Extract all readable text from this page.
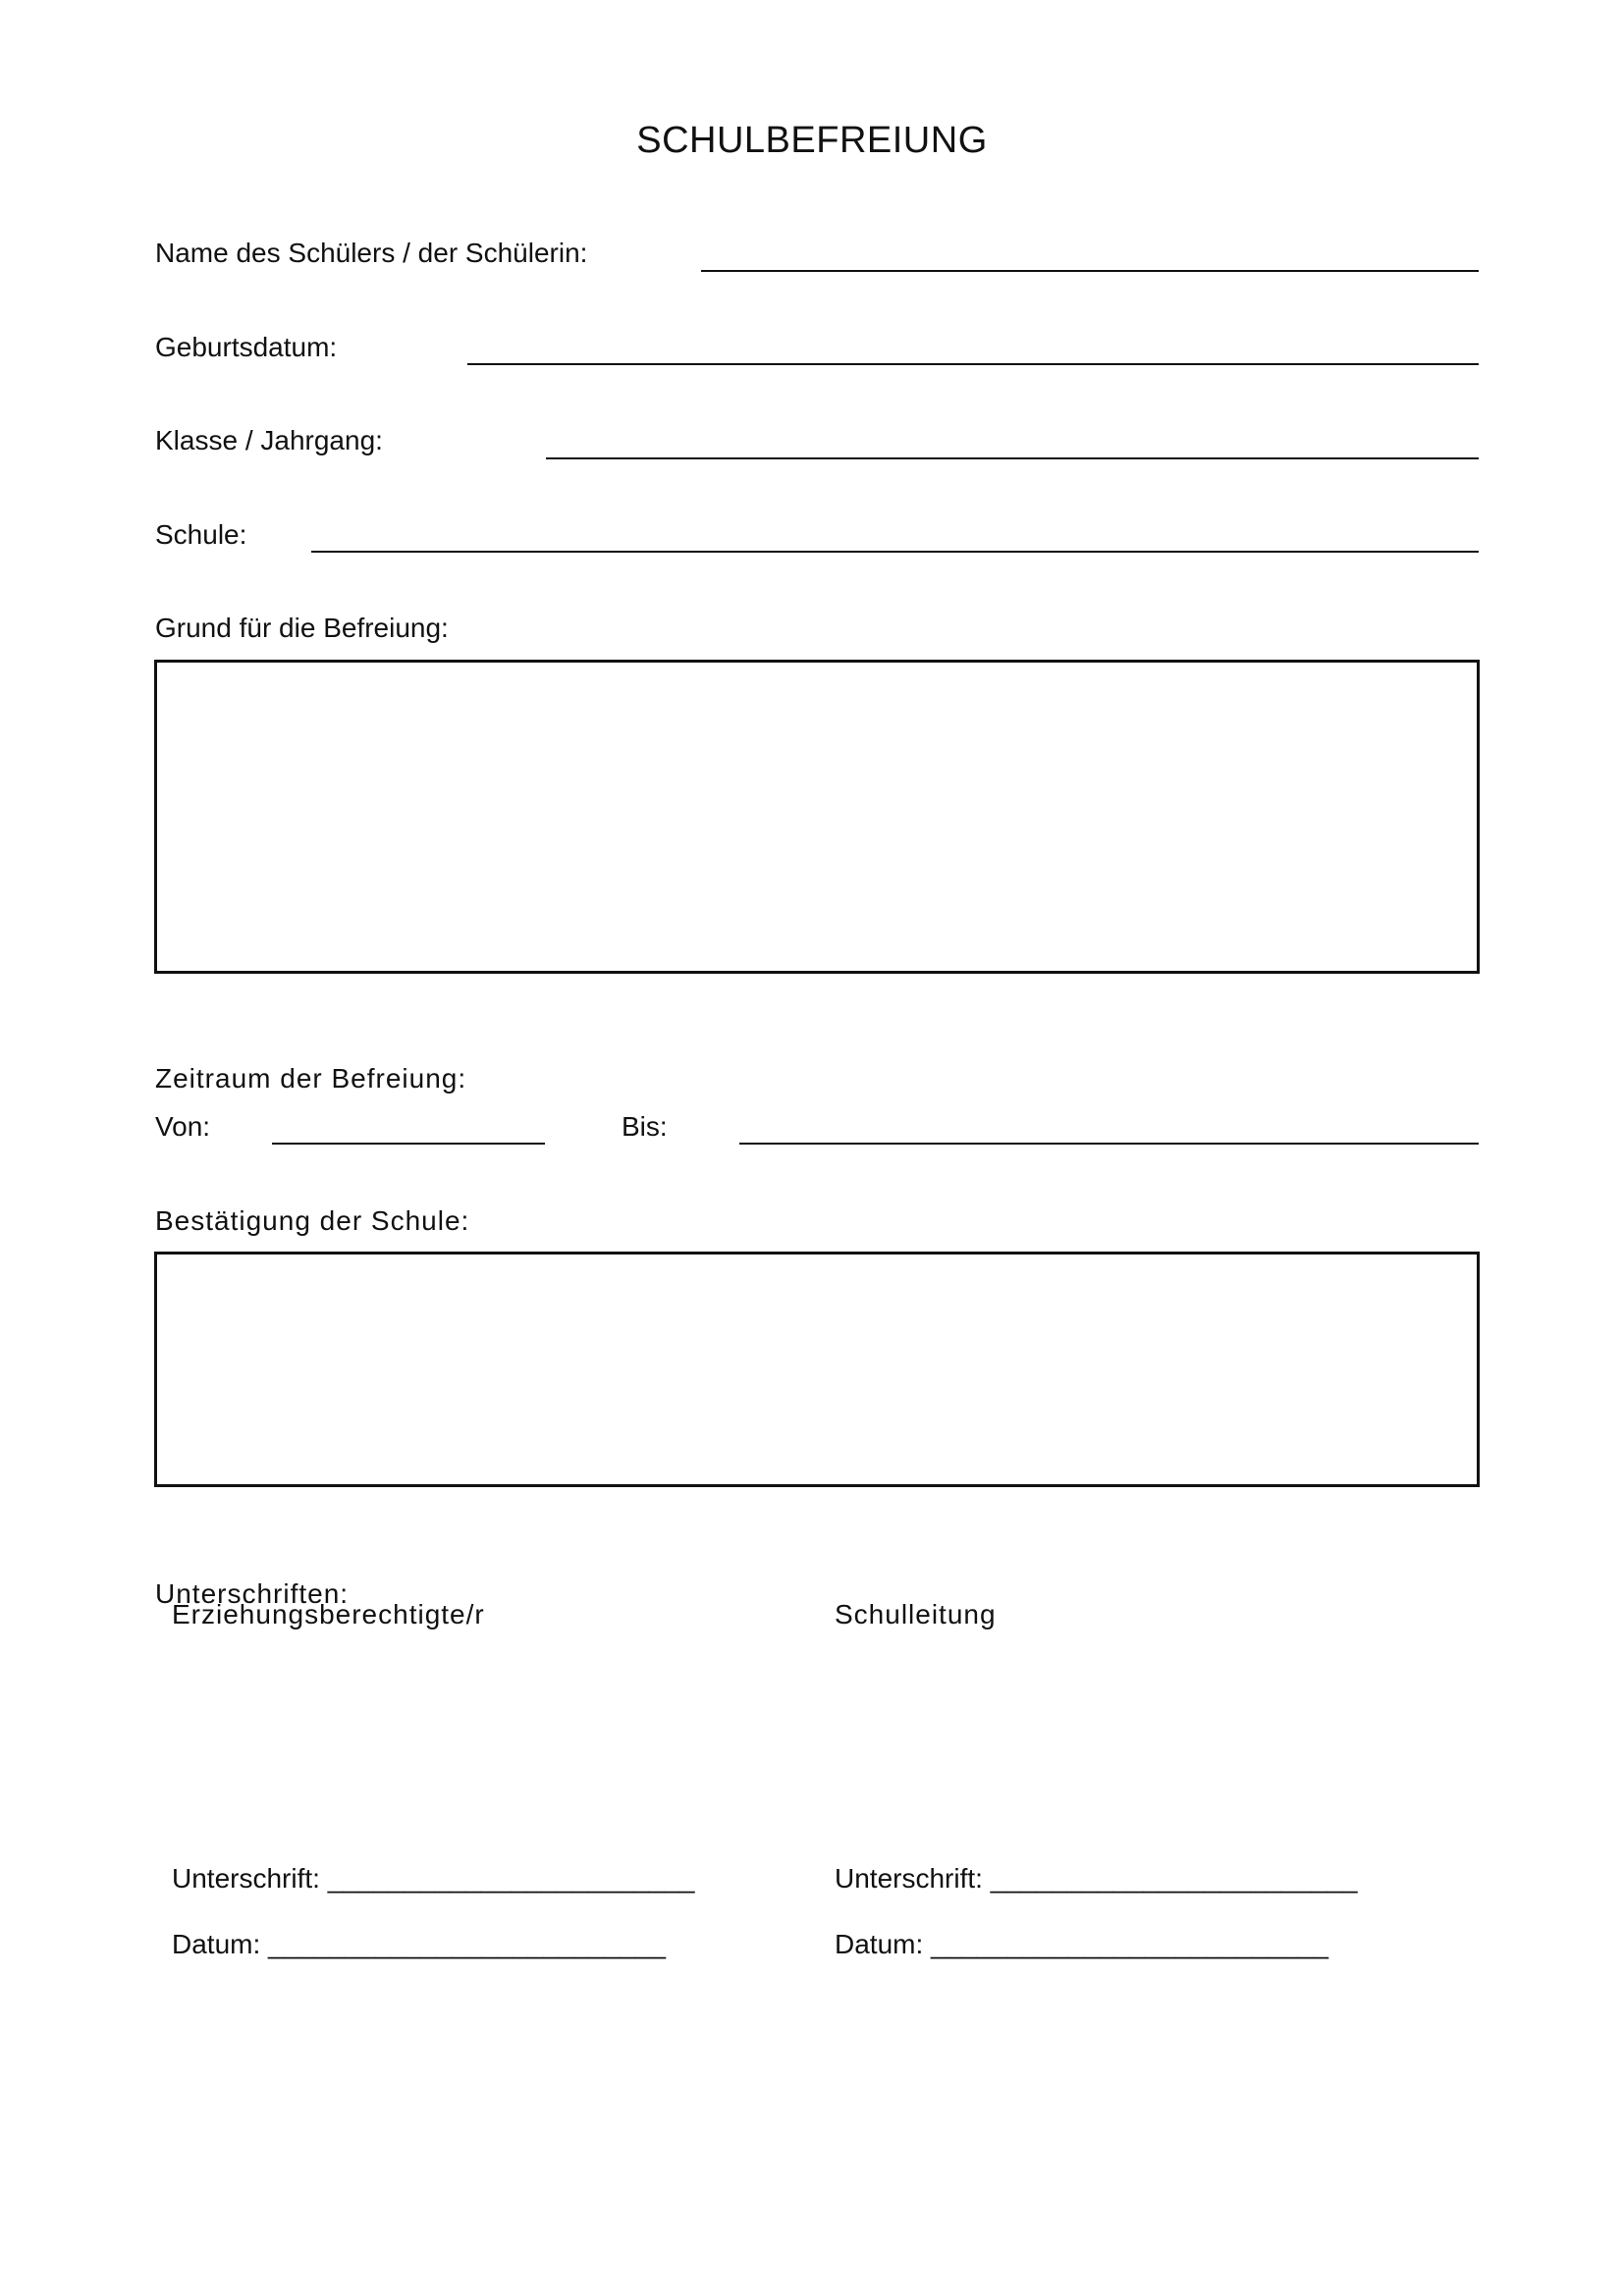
SCHULBEFREIUNG
Name des Schülers / der Schülerin:
Geburtsdatum:
Klasse / Jahrgang:
Schule:
Grund für die Befreiung:
Zeitraum der Befreiung:
Von:	Bis:
Bestätigung der Schule:
Unterschriften:
Erziehungsberechtigte/r	Schulleitung
Unterschrift: ________________________
Datum: __________________________
Unterschrift: ________________________
Datum: __________________________
